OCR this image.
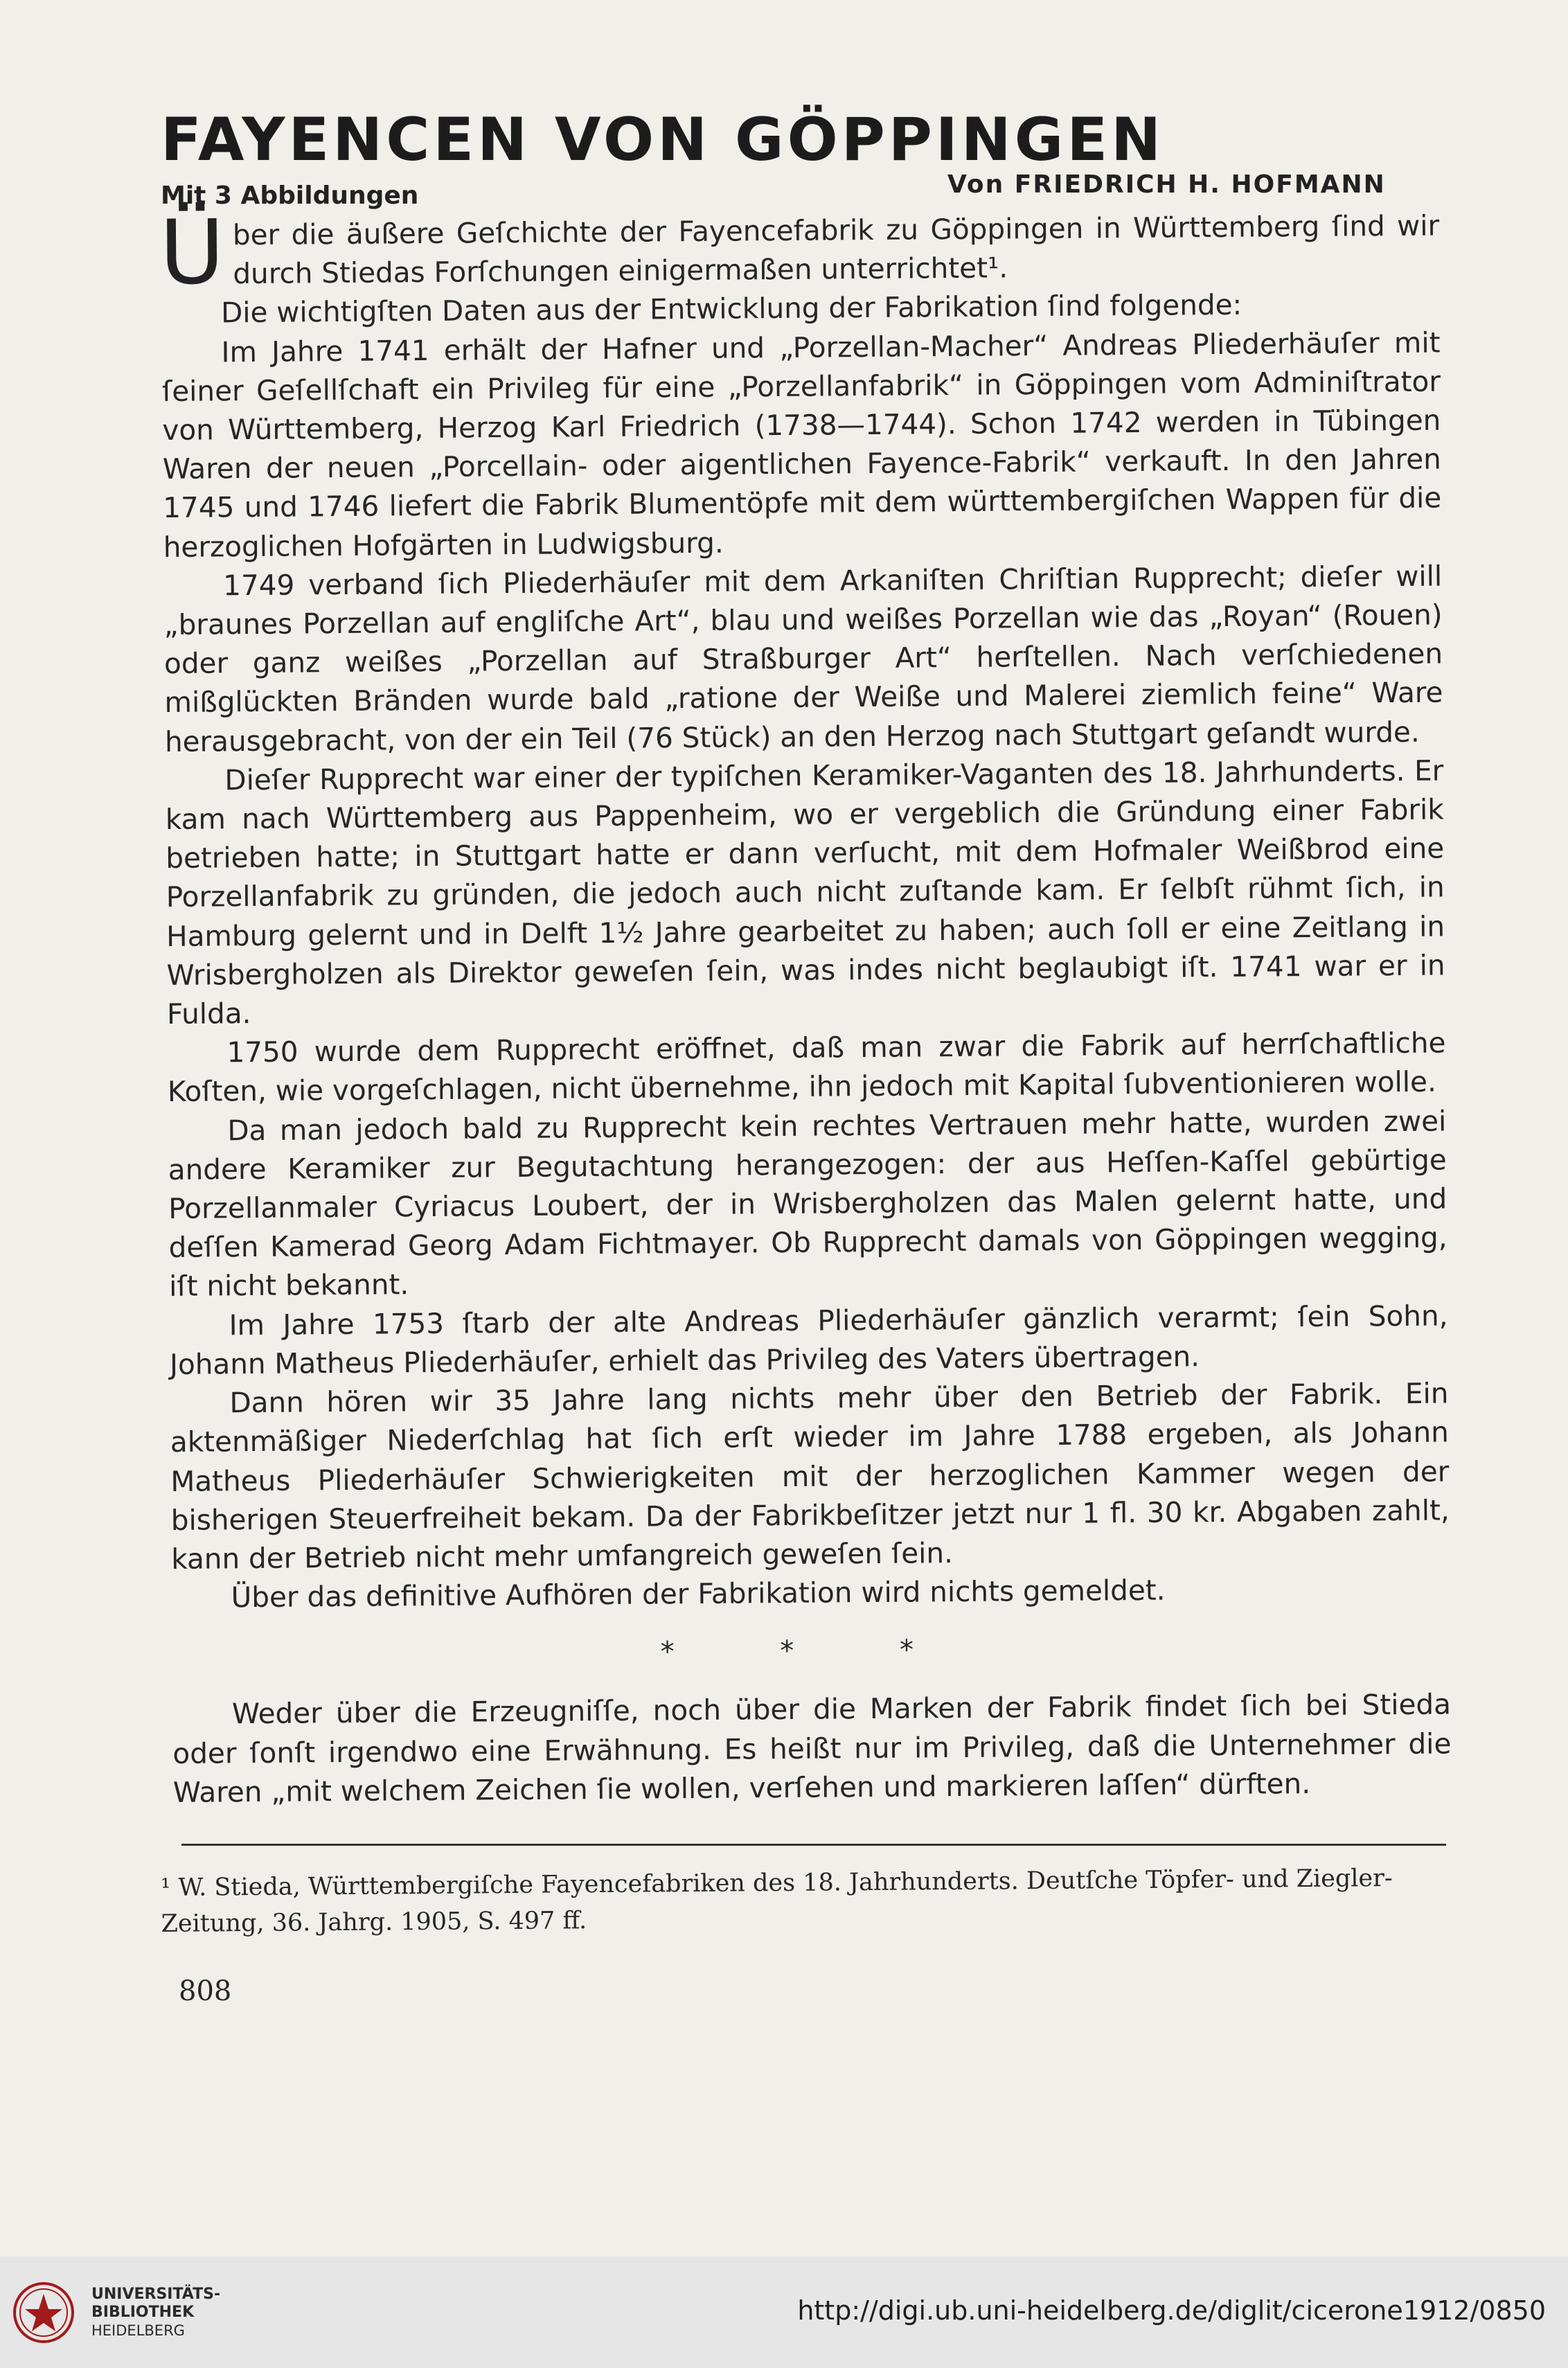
FAYENCEN VON GÖPPINGEN
Mit 3 Abbildungen	Von FRIEDRICH H. HOFMANN

Über die äußere Geſchichte der Fayencefabrik zu Göppingen in Württemberg ſind wir durch Stiedas Forſchungen einigermaßen unterrichtet¹.

Die wichtigſten Daten aus der Entwicklung der Fabrikation ſind folgende:

Im Jahre 1741 erhält der Hafner und „Porzellan-Macher“ Andreas Pliederhäuſer mit ſeiner Geſellſchaft ein Privileg für eine „Porzellanfabrik“ in Göppingen vom Adminiſtrator von Württemberg, Herzog Karl Friedrich (1738—1744). Schon 1742 werden in Tübingen Waren der neuen „Porcellain- oder aigentlichen Fayence-Fabrik“ verkauft. In den Jahren 1745 und 1746 liefert die Fabrik Blumentöpfe mit dem württembergiſchen Wappen für die herzoglichen Hofgärten in Ludwigsburg.

1749 verband ſich Pliederhäuſer mit dem Arkaniſten Chriſtian Rupprecht; dieſer will „braunes Porzellan auf engliſche Art“, blau und weißes Porzellan wie das „Royan“ (Rouen) oder ganz weißes „Porzellan auf Straßburger Art“ herſtellen. Nach verſchiedenen mißglückten Bränden wurde bald „ratione der Weiße und Malerei ziemlich feine“ Ware herausgebracht, von der ein Teil (76 Stück) an den Herzog nach Stuttgart geſandt wurde.

Dieſer Rupprecht war einer der typiſchen Keramiker-Vaganten des 18. Jahrhunderts. Er kam nach Württemberg aus Pappenheim, wo er vergeblich die Gründung einer Fabrik betrieben hatte; in Stuttgart hatte er dann verſucht, mit dem Hofmaler Weißbrod eine Porzellanfabrik zu gründen, die jedoch auch nicht zuſtande kam. Er ſelbſt rühmt ſich, in Hamburg gelernt und in Delft 1½ Jahre gearbeitet zu haben; auch ſoll er eine Zeitlang in Wrisbergholzen als Direktor geweſen ſein, was indes nicht beglaubigt iſt. 1741 war er in Fulda.

1750 wurde dem Rupprecht eröffnet, daß man zwar die Fabrik auf herrſchaftliche Koſten, wie vorgeſchlagen, nicht übernehme, ihn jedoch mit Kapital ſubventionieren wolle.

Da man jedoch bald zu Rupprecht kein rechtes Vertrauen mehr hatte, wurden zwei andere Keramiker zur Begutachtung herangezogen: der aus Heſſen-Kaſſel gebürtige Porzellanmaler Cyriacus Loubert, der in Wrisbergholzen das Malen gelernt hatte, und deſſen Kamerad Georg Adam Fichtmayer. Ob Rupprecht damals von Göppingen wegging, iſt nicht bekannt.

Im Jahre 1753 ſtarb der alte Andreas Pliederhäuſer gänzlich verarmt; ſein Sohn, Johann Matheus Pliederhäuſer, erhielt das Privileg des Vaters übertragen.

Dann hören wir 35 Jahre lang nichts mehr über den Betrieb der Fabrik. Ein aktenmäßiger Niederſchlag hat ſich erſt wieder im Jahre 1788 ergeben, als Johann Matheus Pliederhäuſer Schwierigkeiten mit der herzoglichen Kammer wegen der bisherigen Steuerfreiheit bekam. Da der Fabrikbeſitzer jetzt nur 1 fl. 30 kr. Abgaben zahlt, kann der Betrieb nicht mehr umfangreich geweſen ſein.

Über das definitive Aufhören der Fabrikation wird nichts gemeldet.

* * *

Weder über die Erzeugniſſe, noch über die Marken der Fabrik findet ſich bei Stieda oder ſonſt irgendwo eine Erwähnung. Es heißt nur im Privileg, daß die Unternehmer die Waren „mit welchem Zeichen ſie wollen, verſehen und markieren laſſen“ dürften.

¹ W. Stieda, Württembergiſche Fayencefabriken des 18. Jahrhunderts. Deutſche Töpfer- und Ziegler-Zeitung, 36. Jahrg. 1905, S. 497 ff.
808
UNIVERSITÄTS-
BIBLIOTHEK
HEIDELBERG
http://digi.ub.uni-heidelberg.de/diglit/cicerone1912/0850
